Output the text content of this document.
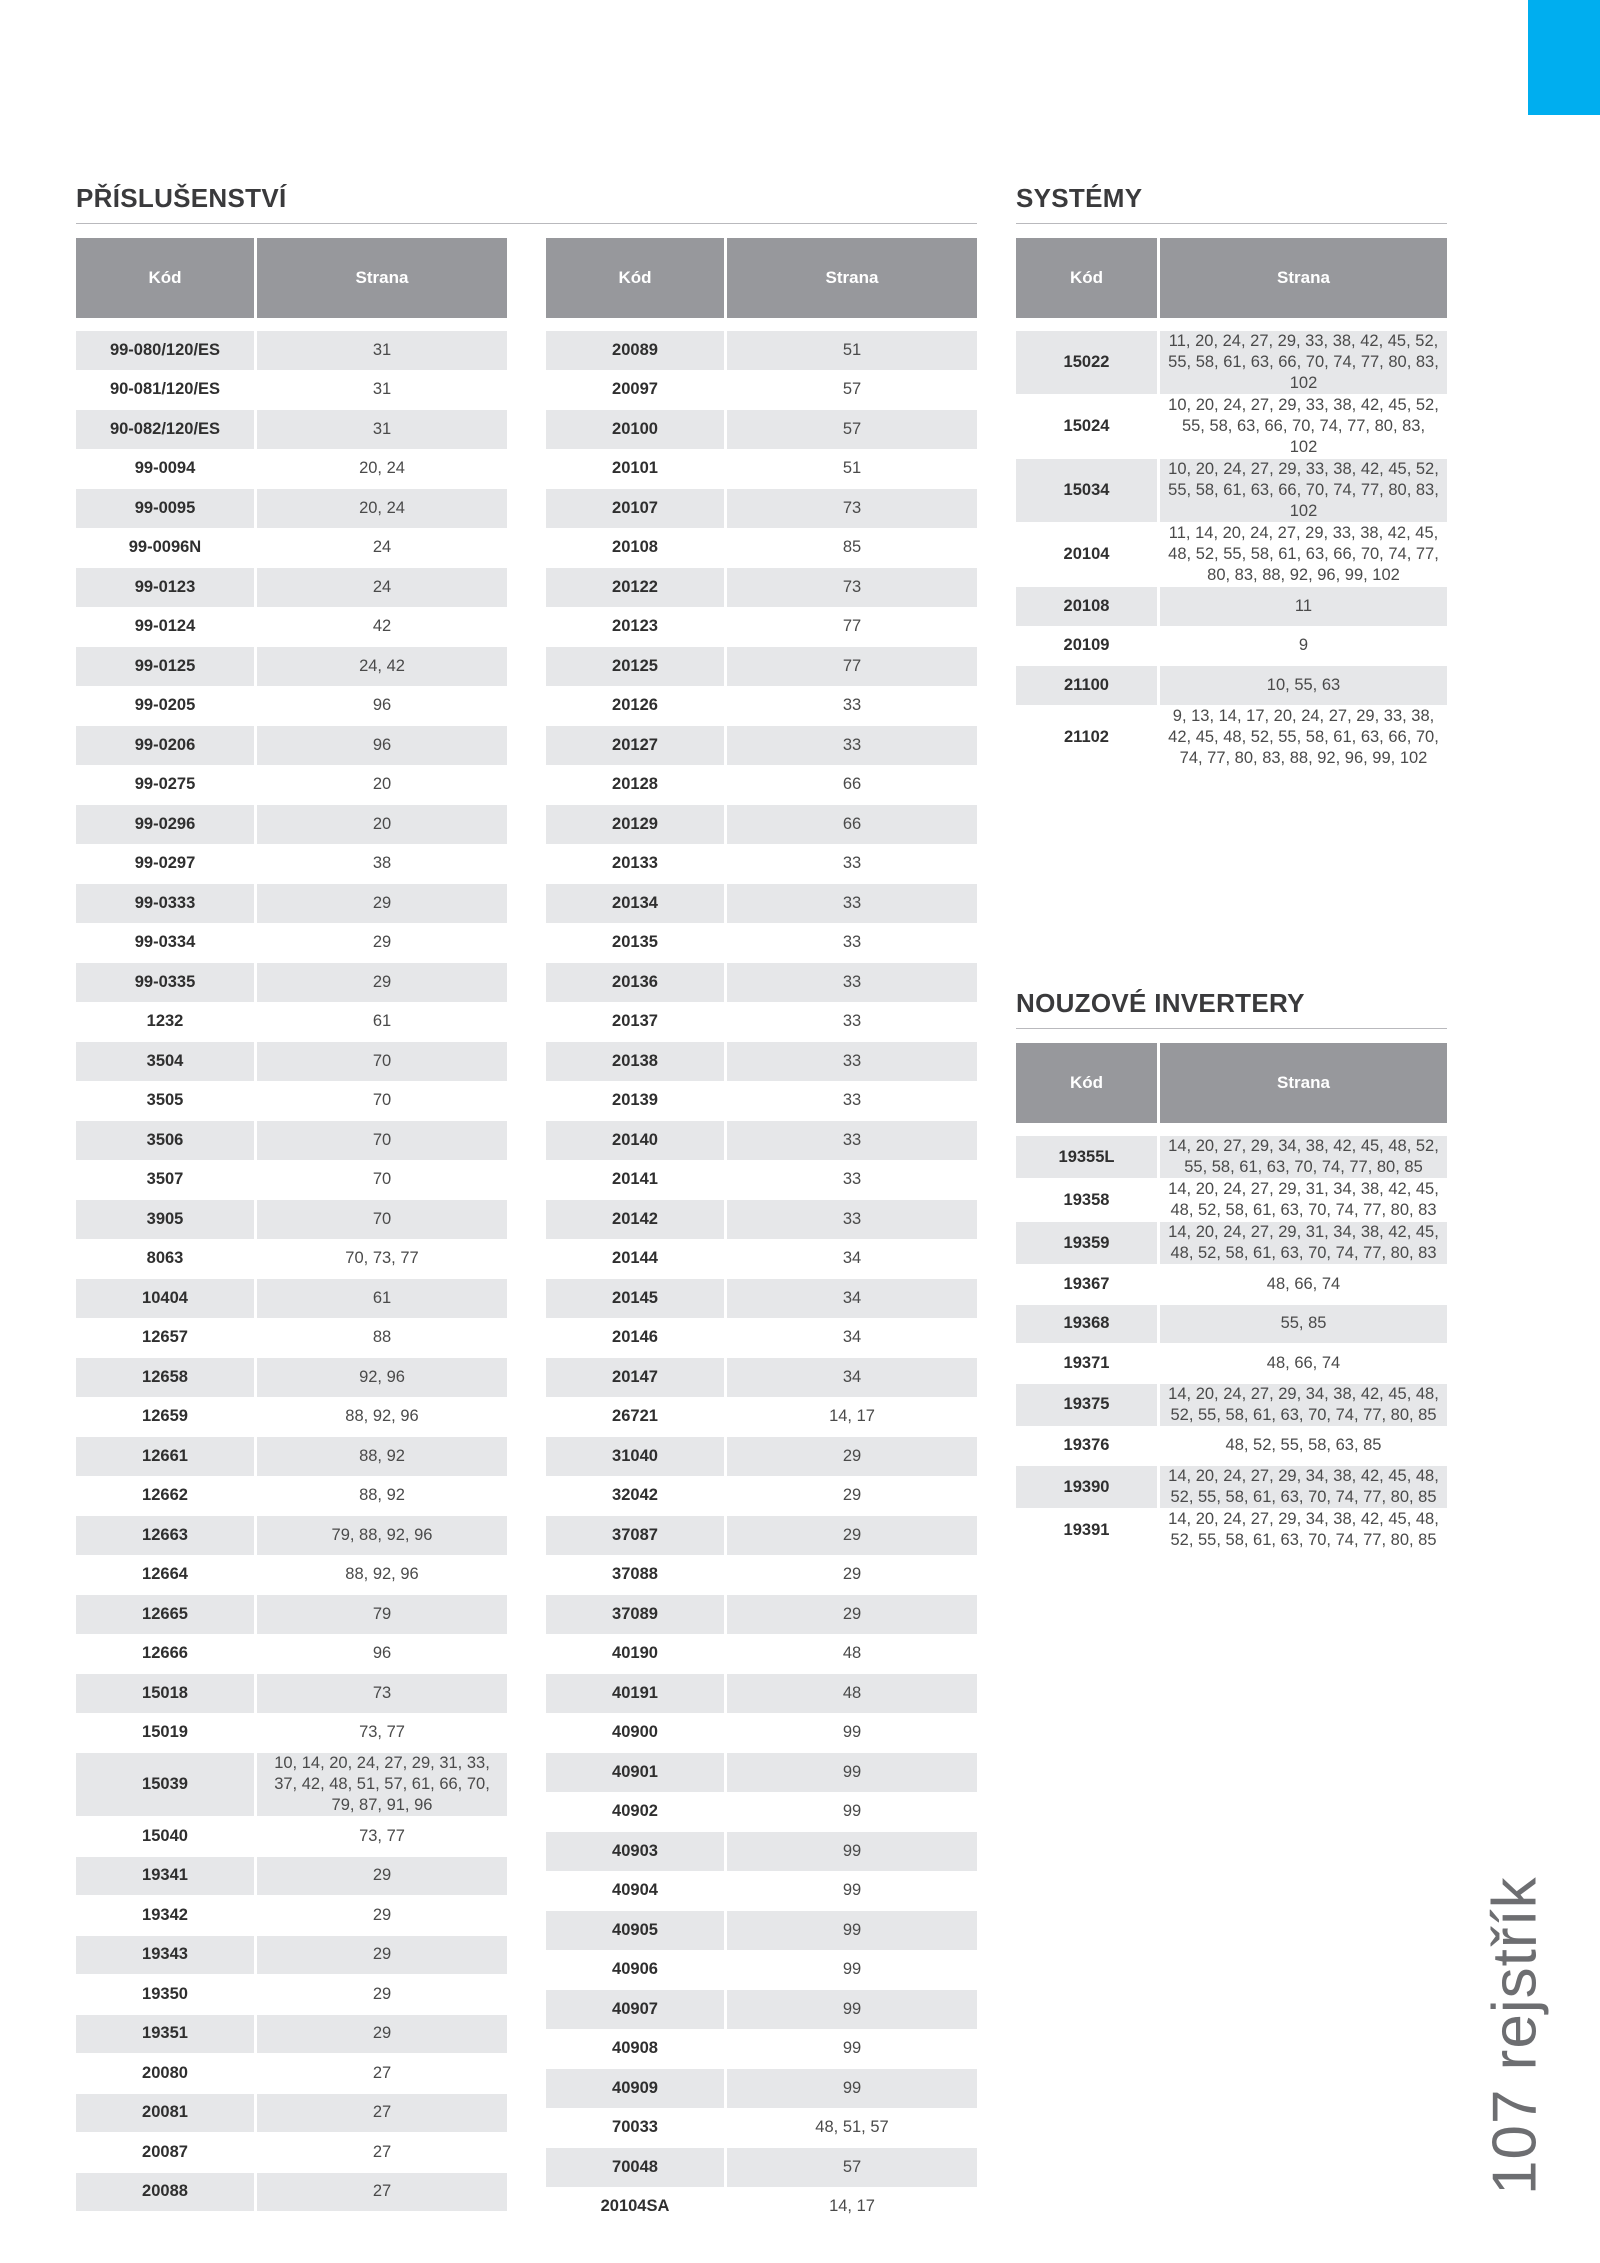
PŘÍSLUŠENSTVÍ	SYSTÉMY
NOUZOVÉ INVERTERY
Kód	Strana

99-080/120/ES	31
90-081/120/ES	31
90-082/120/ES	31
99-0094	20, 24
99-0095	20, 24
99-0096N	24
99-0123	24
99-0124	42
99-0125	24, 42
99-0205	96
99-0206	96
99-0275	20
99-0296	20
99-0297	38
99-0333	29
99-0334	29
99-0335	29
1232	61
3504	70
3505	70
3506	70
3507	70
3905	70
8063	70, 73, 77
10404	61
12657	88
12658	92, 96
12659	88, 92, 96
12661	88, 92
12662	88, 92
12663	79, 88, 92, 96
12664	88, 92, 96
12665	79
12666	96
15018	73
15019	73, 77
15039	10, 14, 20, 24, 27, 29, 31, 33, 37, 42, 48, 51, 57, 61, 66, 70, 79, 87, 91, 96
15040	73, 77
19341	29
19342	29
19343	29
19350	29
19351	29
20080	27
20081	27
20087	27
20088	27
Kód	Strana

20089	51
20097	57
20100	57
20101	51
20107	73
20108	85
20122	73
20123	77
20125	77
20126	33
20127	33
20128	66
20129	66
20133	33
20134	33
20135	33
20136	33
20137	33
20138	33
20139	33
20140	33
20141	33
20142	33
20144	34
20145	34
20146	34
20147	34
26721	14, 17
31040	29
32042	29
37087	29
37088	29
37089	29
40190	48
40191	48
40900	99
40901	99
40902	99
40903	99
40904	99
40905	99
40906	99
40907	99
40908	99
40909	99
70033	48, 51, 57
70048	57
20104SA	14, 17
Kód	Strana

15022	11, 20, 24, 27, 29, 33, 38, 42, 45, 52, 55, 58, 61, 63, 66, 70, 74, 77, 80, 83, 102
15024	10, 20, 24, 27, 29, 33, 38, 42, 45, 52, 55, 58, 63, 66, 70, 74, 77, 80, 83, 102
15034	10, 20, 24, 27, 29, 33, 38, 42, 45, 52, 55, 58, 61, 63, 66, 70, 74, 77, 80, 83, 102
20104	11, 14, 20, 24, 27, 29, 33, 38, 42, 45, 48, 52, 55, 58, 61, 63, 66, 70, 74, 77, 80, 83, 88, 92, 96, 99, 102
20108	11
20109	9
21100	10, 55, 63
21102	9, 13, 14, 17, 20, 24, 27, 29, 33, 38, 42, 45, 48, 52, 55, 58, 61, 63, 66, 70, 74, 77, 80, 83, 88, 92, 96, 99, 102
Kód	Strana

19355L	14, 20, 27, 29, 34, 38, 42, 45, 48, 52, 55, 58, 61, 63, 70, 74, 77, 80, 85
19358	14, 20, 24, 27, 29, 31, 34, 38, 42, 45, 48, 52, 58, 61, 63, 70, 74, 77, 80, 83
19359	14, 20, 24, 27, 29, 31, 34, 38, 42, 45, 48, 52, 58, 61, 63, 70, 74, 77, 80, 83
19367	48, 66, 74
19368	55, 85
19371	48, 66, 74
19375	14, 20, 24, 27, 29, 34, 38, 42, 45, 48, 52, 55, 58, 61, 63, 70, 74, 77, 80, 85
19376	48, 52, 55, 58, 63, 85
19390	14, 20, 24, 27, 29, 34, 38, 42, 45, 48, 52, 55, 58, 61, 63, 70, 74, 77, 80, 85
19391	14, 20, 24, 27, 29, 34, 38, 42, 45, 48, 52, 55, 58, 61, 63, 70, 74, 77, 80, 85
107 rejstřík
